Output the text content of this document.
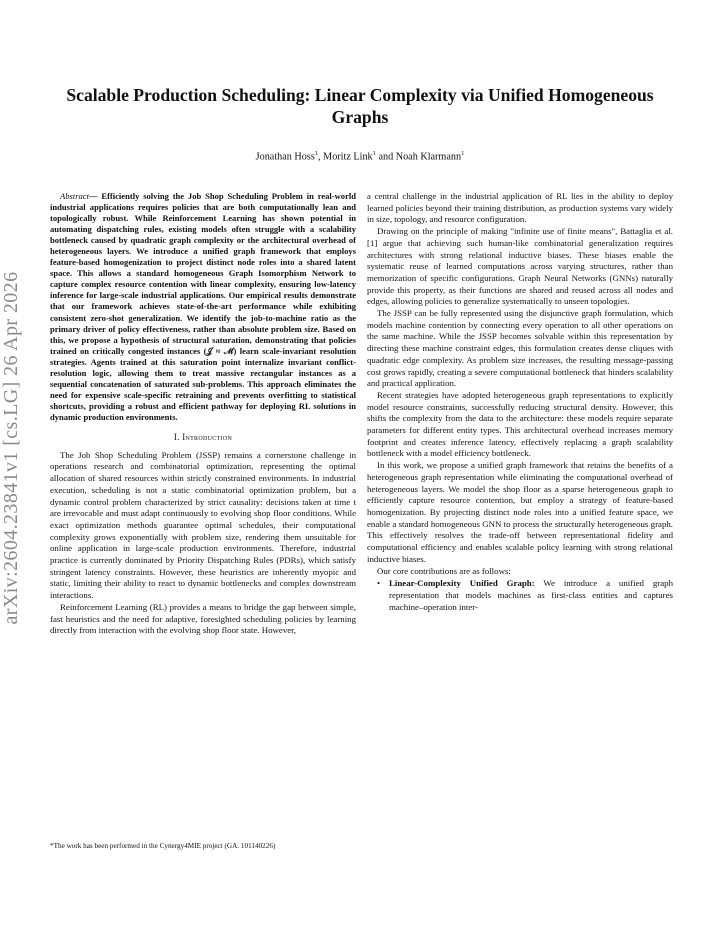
arXiv:2604.23841v1 [cs.LG] 26 Apr 2026
Scalable Production Scheduling: Linear Complexity via Unified Homogeneous Graphs

Jonathan Hoss$^1$, Moritz Link$^1$ and Noah Klarmann$^1$

Abstract— Efficiently solving the Job Shop Scheduling Problem in real-world industrial applications requires policies that are both computationally lean and topologically robust. While Reinforcement Learning has shown potential in automating dispatching rules, existing models often struggle with a scalability bottleneck caused by quadratic graph complexity or the architectural overhead of heterogeneous layers. We introduce a unified graph framework that employs feature-based homogenization to project distinct node roles into a shared latent space. This allows a standard homogeneous Graph Isomorphism Network to capture complex resource contention with linear complexity, ensuring low-latency inference for large-scale industrial applications. Our empirical results demonstrate that our framework achieves state-of-the-art performance while exhibiting consistent zero-shot generalization. We identify the job-to-machine ratio as the primary driver of policy effectiveness, rather than absolute problem size. Based on this, we propose a hypothesis of structural saturation, demonstrating that policies trained on critically congested instances (𝒥 ≈ ℳ) learn scale-invariant resolution strategies. Agents trained at this saturation point internalize invariant conflict-resolution logic, allowing them to treat massive rectangular instances as a sequential concatenation of saturated sub-problems. This approach eliminates the need for expensive scale-specific retraining and prevents overfitting to statistical shortcuts, providing a robust and efficient pathway for deploying RL solutions in dynamic production environments.

I. Introduction

The Job Shop Scheduling Problem (JSSP) remains a cornerstone challenge in operations research and combinatorial optimization, representing the optimal allocation of shared resources within strictly constrained environments. In industrial execution, scheduling is not a static combinatorial optimization problem, but a dynamic control problem characterized by strict causality: decisions taken at time t are irrevocable and must adapt continuously to evolving shop floor conditions. While exact optimization methods guarantee optimal schedules, their computational complexity grows exponentially with problem size, rendering them unsuitable for online application in large-scale production environments. Therefore, industrial practice is currently dominated by Priority Dispatching Rules (PDRs), which satisfy stringent latency constraints. However, these heuristics are inherently myopic and static, limiting their ability to react to dynamic bottlenecks and complex downstream interactions.

Reinforcement Learning (RL) provides a means to bridge the gap between simple, fast heuristics and the need for adaptive, foresighted scheduling policies by learning directly from interaction with the evolving shop floor state. However,

a central challenge in the industrial application of RL lies in the ability to deploy learned policies beyond their training distribution, as production systems vary widely in size, topology, and resource configuration.

Drawing on the principle of making "infinite use of finite means", Battaglia et al. [1] argue that achieving such human-like combinatorial generalization requires architectures with strong relational inductive biases. These biases enable the systematic reuse of learned computations across varying structures, rather than memorization of specific configurations. Graph Neural Networks (GNNs) naturally provide this property, as their functions are shared and reused across all nodes and edges, allowing policies to generalize systematically to unseen topologies.

The JSSP can be fully represented using the disjunctive graph formulation, which models machine contention by connecting every operation to all other operations on the same machine. While the JSSP becomes solvable within this representation by directing these machine constraint edges, this formulation creates dense cliques with quadratic edge complexity. As problem size increases, the resulting message-passing cost grows rapidly, creating a severe computational bottleneck that hinders scalability and practical application.

Recent strategies have adopted heterogeneous graph representations to explicitly model resource constraints, successfully reducing structural density. However, this shifts the complexity from the data to the architecture: these models require separate parameters for different entity types. This architectural overhead increases memory footprint and creates inference latency, effectively replacing a graph scalability bottleneck with a model efficiency bottleneck.

In this work, we propose a unified graph framework that retains the benefits of a heterogeneous graph representation while eliminating the computational overhead of heterogeneous layers. We model the shop floor as a sparse heterogeneous graph to efficiently capture resource contention, but employ a strategy of feature-based homogenization. By projecting distinct node roles into a unified feature space, we enable a standard homogeneous GNN to process the structurally heterogeneous graph. This effectively resolves the trade-off between representational fidelity and computational efficiency and enables scalable policy learning with strong relational inductive biases.

Our core contributions are as follows:

• Linear-Complexity Unified Graph: We introduce a unified graph representation that models machines as first-class entities and captures machine–operation inter-

*The work has been performed in the Cynergy4MIE project (GA. 101140226)
